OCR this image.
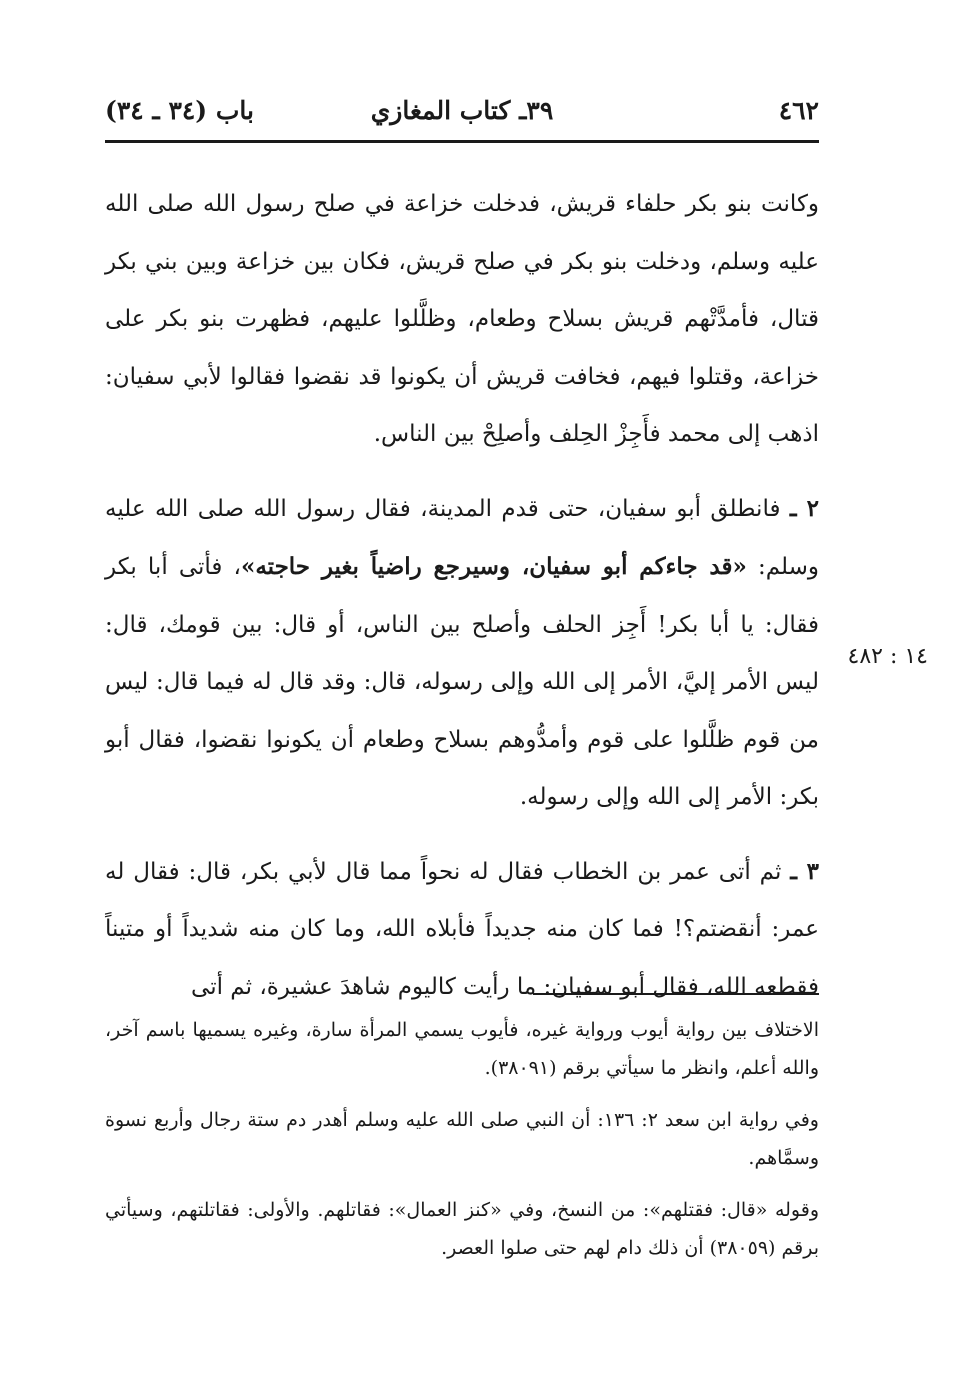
٤٦٢
٣٩ـ كتاب المغازي
باب (٣٤ ـ ٣٤)

وكانت بنو بكر حلفاء قريش، فدخلت خزاعة في صلح رسول الله صلى الله عليه وسلم، ودخلت بنو بكر في صلح قريش، فكان بين خزاعة وبين بني بكر قتال، فأمدَّتْهم قريش بسلاح وطعام، وظلَّلوا عليهم، فظهرت بنو بكر على خزاعة، وقتلوا فيهم، فخافت قريش أن يكونوا قد نقضوا فقالوا لأبي سفيان: اذهب إلى محمد فأَجِزْ الحِلف وأصلِحْ بين الناس.

٢ ـ فانطلق أبو سفيان، حتى قدم المدينة، فقال رسول الله صلى الله عليه وسلم: «قد جاءكم أبو سفيان، وسيرجع راضياً بغير حاجته»، فأتى أبا بكر فقال: يا أبا بكر! أَجِز الحلف وأصلح بين الناس، أو قال: بين قومك، قال: ليس الأمر إليَّ، الأمر إلى الله وإلى رسوله، قال: وقد قال له فيما قال: ليس من قوم ظلَّلوا على قوم وأمدُّوهم بسلاح وطعام أن يكونوا نقضوا، فقال أبو بكر: الأمر إلى الله وإلى رسوله.

٣ ـ ثم أتى عمر بن الخطاب فقال له نحواً مما قال لأبي بكر، قال: فقال له عمر: أنقضتم؟! فما كان منه جديداً فأبلاه الله، وما كان منه شديداً أو متيناً فقطعه الله، فقال أبو سفيان: ما رأيت كاليوم شاهدَ عشيرة، ثم أتى

١٤ : ٤٨٢

الاختلاف بين رواية أيوب ورواية غيره، فأيوب يسمي المرأة سارة، وغيره يسميها باسم آخر، والله أعلم، وانظر ما سيأتي برقم (٣٨٠٩١).

وفي رواية ابن سعد ٢: ١٣٦: أن النبي صلى الله عليه وسلم أهدر دم ستة رجال وأربع نسوة وسمَّاهم.

وقوله «قال: فقتلهم»: من النسخ، وفي «كنز العمال»: فقاتلهم. والأولى: فقاتلتهم، وسيأتي برقم (٣٨٠٥٩) أن ذلك دام لهم حتى صلوا العصر.
